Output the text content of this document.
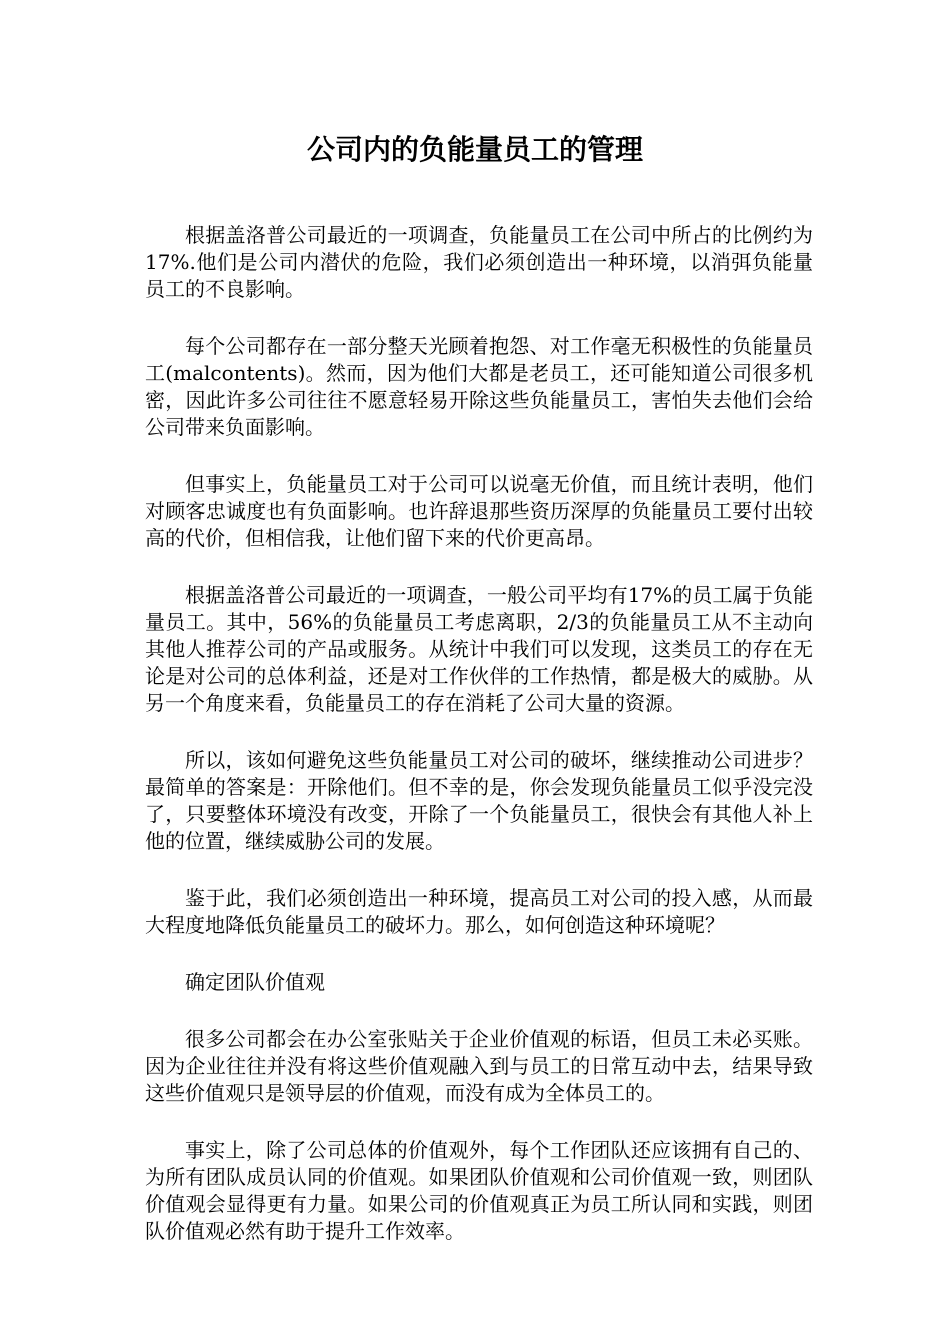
公司内的负能量员工的管理

根据盖洛普公司最近的一项调查，负能量员工在公司中所占的比例约为17%.他们是公司内潜伏的危险，我们必须创造出一种环境，以消弭负能量员工的不良影响。

每个公司都存在一部分整天光顾着抱怨、对工作毫无积极性的负能量员工(malcontents)。然而，因为他们大都是老员工，还可能知道公司很多机密，因此许多公司往往不愿意轻易开除这些负能量员工，害怕失去他们会给公司带来负面影响。

但事实上，负能量员工对于公司可以说毫无价值，而且统计表明，他们对顾客忠诚度也有负面影响。也许辞退那些资历深厚的负能量员工要付出较高的代价，但相信我，让他们留下来的代价更高昂。

根据盖洛普公司最近的一项调查，一般公司平均有17%的员工属于负能量员工。其中，56%的负能量员工考虑离职，2/3的负能量员工从不主动向其他人推荐公司的产品或服务。从统计中我们可以发现，这类员工的存在无论是对公司的总体利益，还是对工作伙伴的工作热情，都是极大的威胁。从另一个角度来看，负能量员工的存在消耗了公司大量的资源。

所以，该如何避免这些负能量员工对公司的破坏，继续推动公司进步？最简单的答案是：开除他们。但不幸的是，你会发现负能量员工似乎没完没了，只要整体环境没有改变，开除了一个负能量员工，很快会有其他人补上他的位置，继续威胁公司的发展。

鉴于此，我们必须创造出一种环境，提高员工对公司的投入感，从而最大程度地降低负能量员工的破坏力。那么，如何创造这种环境呢？

确定团队价值观

很多公司都会在办公室张贴关于企业价值观的标语，但员工未必买账。因为企业往往并没有将这些价值观融入到与员工的日常互动中去，结果导致这些价值观只是领导层的价值观，而没有成为全体员工的。

事实上，除了公司总体的价值观外，每个工作团队还应该拥有自己的、为所有团队成员认同的价值观。如果团队价值观和公司价值观一致，则团队价值观会显得更有力量。如果公司的价值观真正为员工所认同和实践，则团队价值观必然有助于提升工作效率。
